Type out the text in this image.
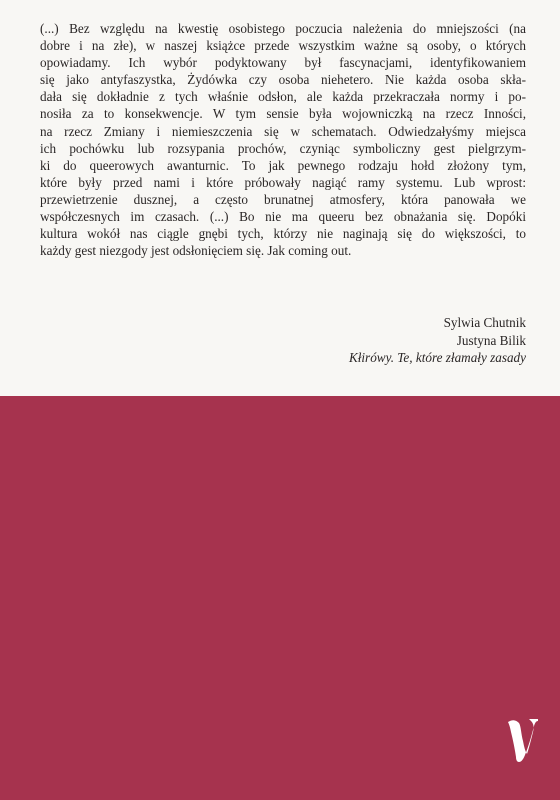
(...) Bez względu na kwestię osobistego poczucia należenia do mniejszości (na
dobre i na złe), w naszej książce przede wszystkim ważne są osoby, o których
opowiadamy. Ich wybór podyktowany był fascynacjami, identyfikowaniem
się jako antyfaszystka, Żydówka czy osoba niehetero. Nie każda osoba skła-
dała się dokładnie z tych właśnie odsłon, ale każda przekraczała normy i po-
nosiła za to konsekwencje. W tym sensie była wojowniczką na rzecz Inności,
na rzecz Zmiany i niemieszczenia się w schematach. Odwiedzałyśmy miejsca
ich pochówku lub rozsypania prochów, czyniąc symboliczny gest pielgrzym-
ki do queerowych awanturnic. To jak pewnego rodzaju hołd złożony tym,
które były przed nami i które próbowały nagiąć ramy systemu. Lub wprost:
przewietrzenie dusznej, a często brunatnej atmosfery, która panowała we
współczesnych im czasach. (...) Bo nie ma queeru bez obnażania się. Dopóki
kultura wokół nas ciągle gnębi tych, którzy nie naginają się do większości, to
każdy gest niezgody jest odsłonięciem się. Jak coming out.
Sylwia Chutnik
Justyna Bilik
Kłirówy. Te, które złamały zasady
